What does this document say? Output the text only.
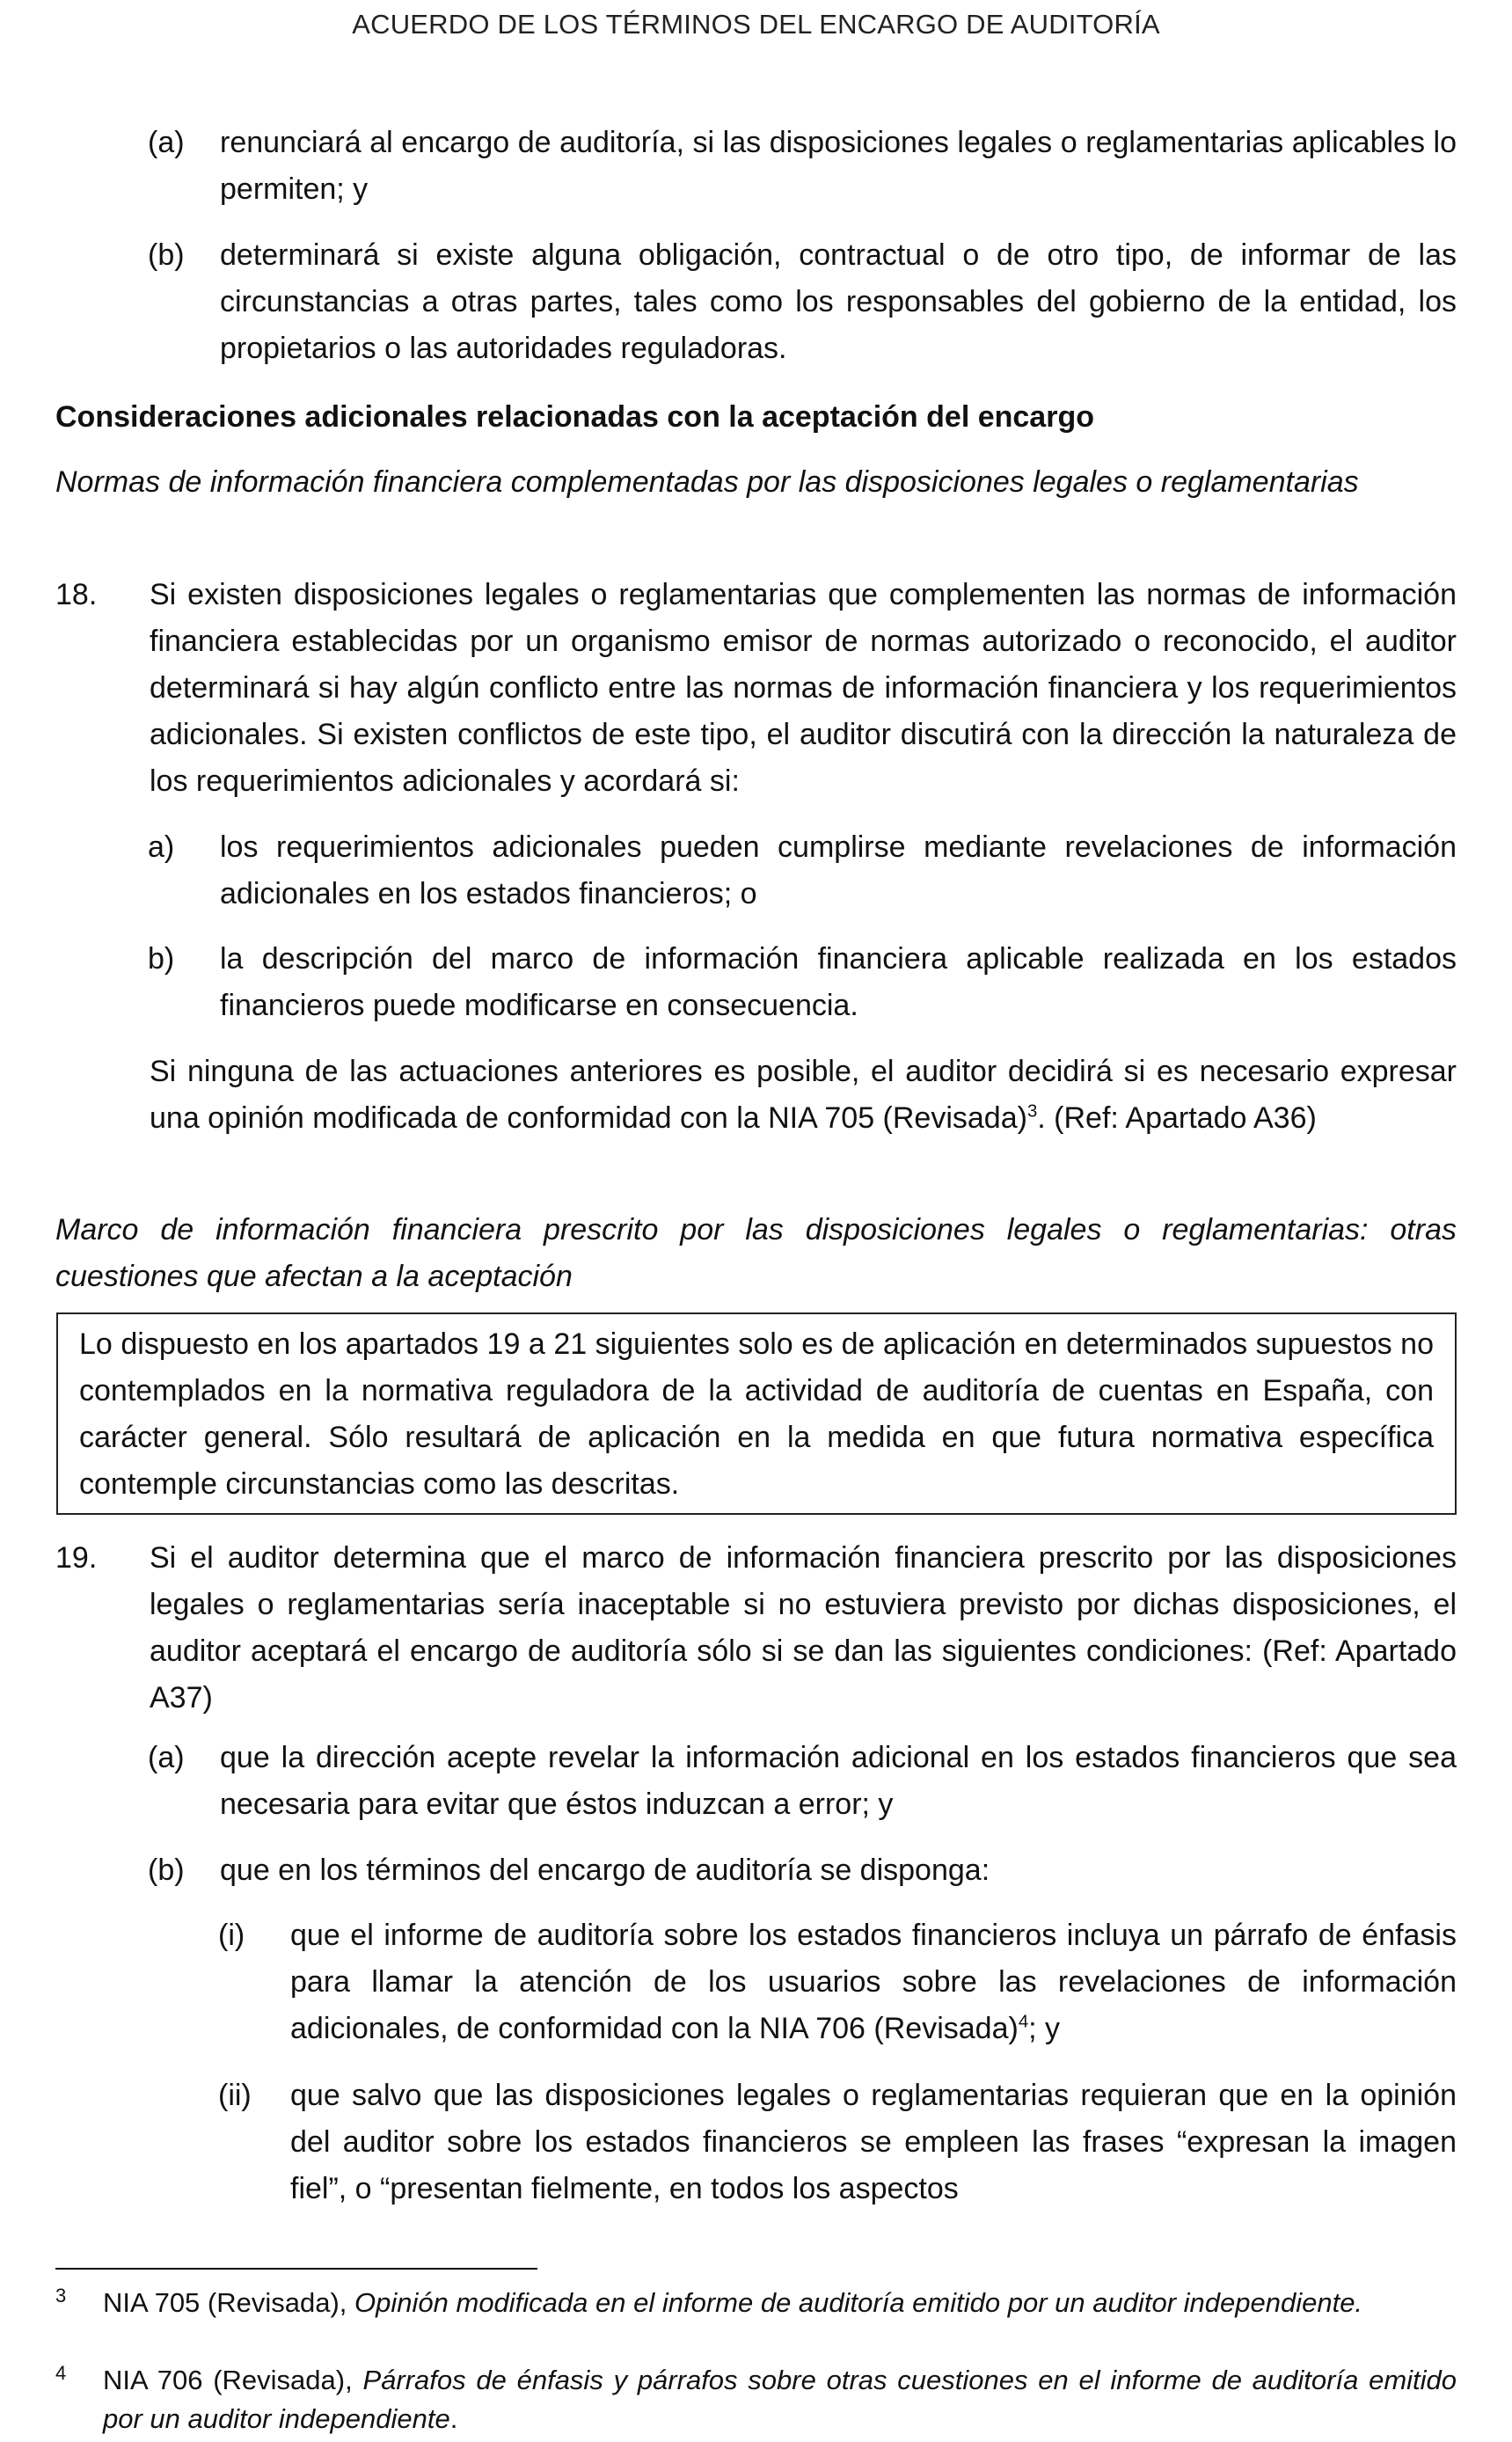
ACUERDO DE LOS TÉRMINOS DEL ENCARGO DE AUDITORÍA
(a) renunciará al encargo de auditoría, si las disposiciones legales o reglamentarias aplicables lo permiten; y

(b) determinará si existe alguna obligación, contractual o de otro tipo, de informar de las circunstancias a otras partes, tales como los responsables del gobierno de la entidad, los propietarios o las autoridades reguladoras.

Consideraciones adicionales relacionadas con la aceptación del encargo

Normas de información financiera complementadas por las disposiciones legales o reglamentarias

18. Si existen disposiciones legales o reglamentarias que complementen las normas de información financiera establecidas por un organismo emisor de normas autorizado o reconocido, el auditor determinará si hay algún conflicto entre las normas de información financiera y los requerimientos adicionales. Si existen conflictos de este tipo, el auditor discutirá con la dirección la naturaleza de los requerimientos adicionales y acordará si:

a) los requerimientos adicionales pueden cumplirse mediante revelaciones de información adicionales en los estados financieros; o

b) la descripción del marco de información financiera aplicable realizada en los estados financieros puede modificarse en consecuencia.

Si ninguna de las actuaciones anteriores es posible, el auditor decidirá si es necesario expresar una opinión modificada de conformidad con la NIA 705 (Revisada)$^3$. (Ref: Apartado A36)

Marco de información financiera prescrito por las disposiciones legales o reglamentarias: otras cuestiones que afectan a la aceptación

Lo dispuesto en los apartados 19 a 21 siguientes solo es de aplicación en determinados supuestos no contemplados en la normativa reguladora de la actividad de auditoría de cuentas en España, con carácter general. Sólo resultará de aplicación en la medida en que futura normativa específica contemple circunstancias como las descritas.
19. Si el auditor determina que el marco de información financiera prescrito por las disposiciones legales o reglamentarias sería inaceptable si no estuviera previsto por dichas disposiciones, el auditor aceptará el encargo de auditoría sólo si se dan las siguientes condiciones: (Ref: Apartado A37)

(a) que la dirección acepte revelar la información adicional en los estados financieros que sea necesaria para evitar que éstos induzcan a error; y

(b) que en los términos del encargo de auditoría se disponga:

(i) que el informe de auditoría sobre los estados financieros incluya un párrafo de énfasis para llamar la atención de los usuarios sobre las revelaciones de información adicionales, de conformidad con la NIA 706 (Revisada)$^4$; y

(ii) que salvo que las disposiciones legales o reglamentarias requieran que en la opinión del auditor sobre los estados financieros se empleen las frases “expresan la imagen fiel”, o “presentan fielmente, en todos los aspectos

3 NIA 705 (Revisada), Opinión modificada en el informe de auditoría emitido por un auditor independiente.

4 NIA 706 (Revisada), Párrafos de énfasis y párrafos sobre otras cuestiones en el informe de auditoría emitido por un auditor independiente.
